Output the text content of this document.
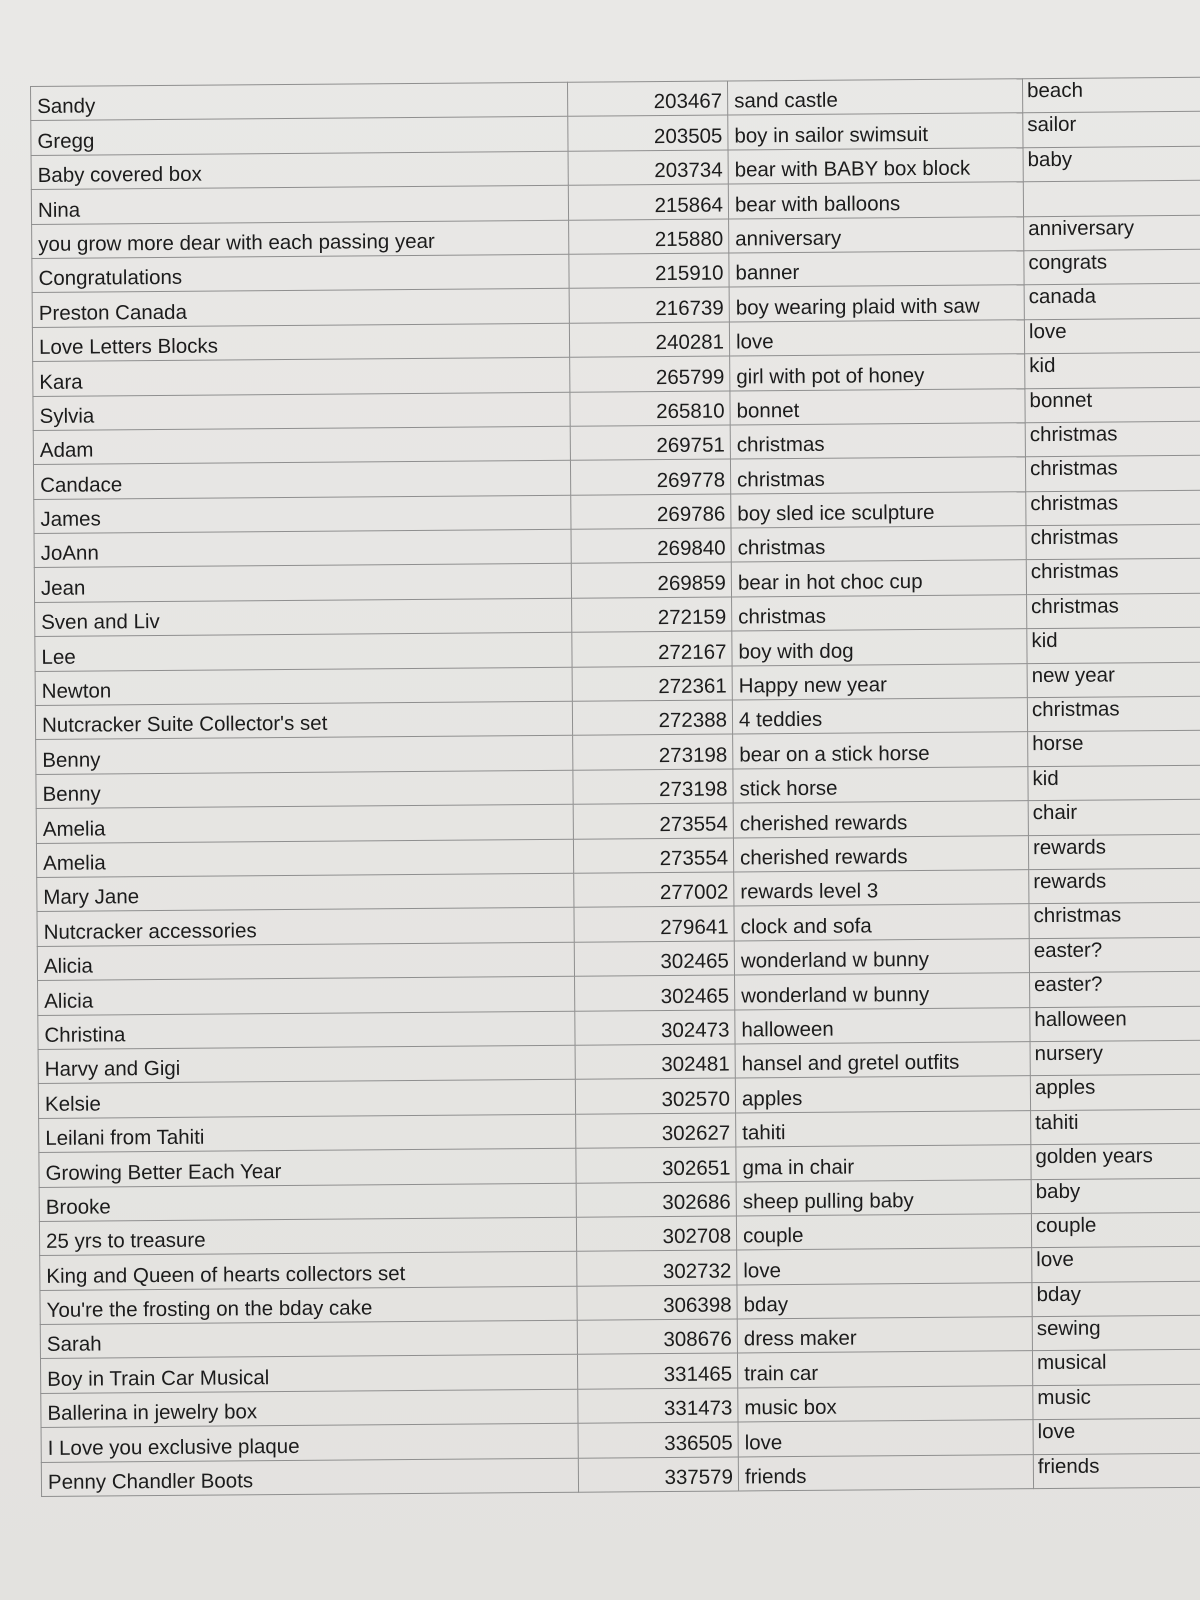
Sandy	203467	sand castle	beach
Gregg	203505	boy in sailor swimsuit	sailor
Baby covered box	203734	bear with BABY box block	baby
Nina	215864	bear with balloons	
you grow more dear with each passing year	215880	anniversary	anniversary
Congratulations	215910	banner	congrats
Preston Canada	216739	boy wearing plaid with saw	canada
Love Letters Blocks	240281	love	love
Kara	265799	girl with pot of honey	kid
Sylvia	265810	bonnet	bonnet
Adam	269751	christmas	christmas
Candace	269778	christmas	christmas
James	269786	boy sled ice sculpture	christmas
JoAnn	269840	christmas	christmas
Jean	269859	bear in hot choc cup	christmas
Sven and Liv	272159	christmas	christmas
Lee	272167	boy with dog	kid
Newton	272361	Happy new year	new year
Nutcracker Suite Collector's set	272388	4 teddies	christmas
Benny	273198	bear on a stick horse	horse
Benny	273198	stick horse	kid
Amelia	273554	cherished rewards	chair
Amelia	273554	cherished rewards	rewards
Mary Jane	277002	rewards level 3	rewards
Nutcracker accessories	279641	clock and sofa	christmas
Alicia	302465	wonderland w bunny	easter?
Alicia	302465	wonderland w bunny	easter?
Christina	302473	halloween	halloween
Harvy and Gigi	302481	hansel and gretel outfits	nursery
Kelsie	302570	apples	apples
Leilani from Tahiti	302627	tahiti	tahiti
Growing Better Each Year	302651	gma in chair	golden years
Brooke	302686	sheep pulling baby	baby
25 yrs to treasure	302708	couple	couple
King and Queen of hearts collectors set	302732	love	love
You're the frosting on the bday cake	306398	bday	bday
Sarah	308676	dress maker	sewing
Boy in Train Car Musical	331465	train car	musical
Ballerina in jewelry box	331473	music box	music
I Love you exclusive plaque	336505	love	love
Penny Chandler Boots	337579	friends	friends
